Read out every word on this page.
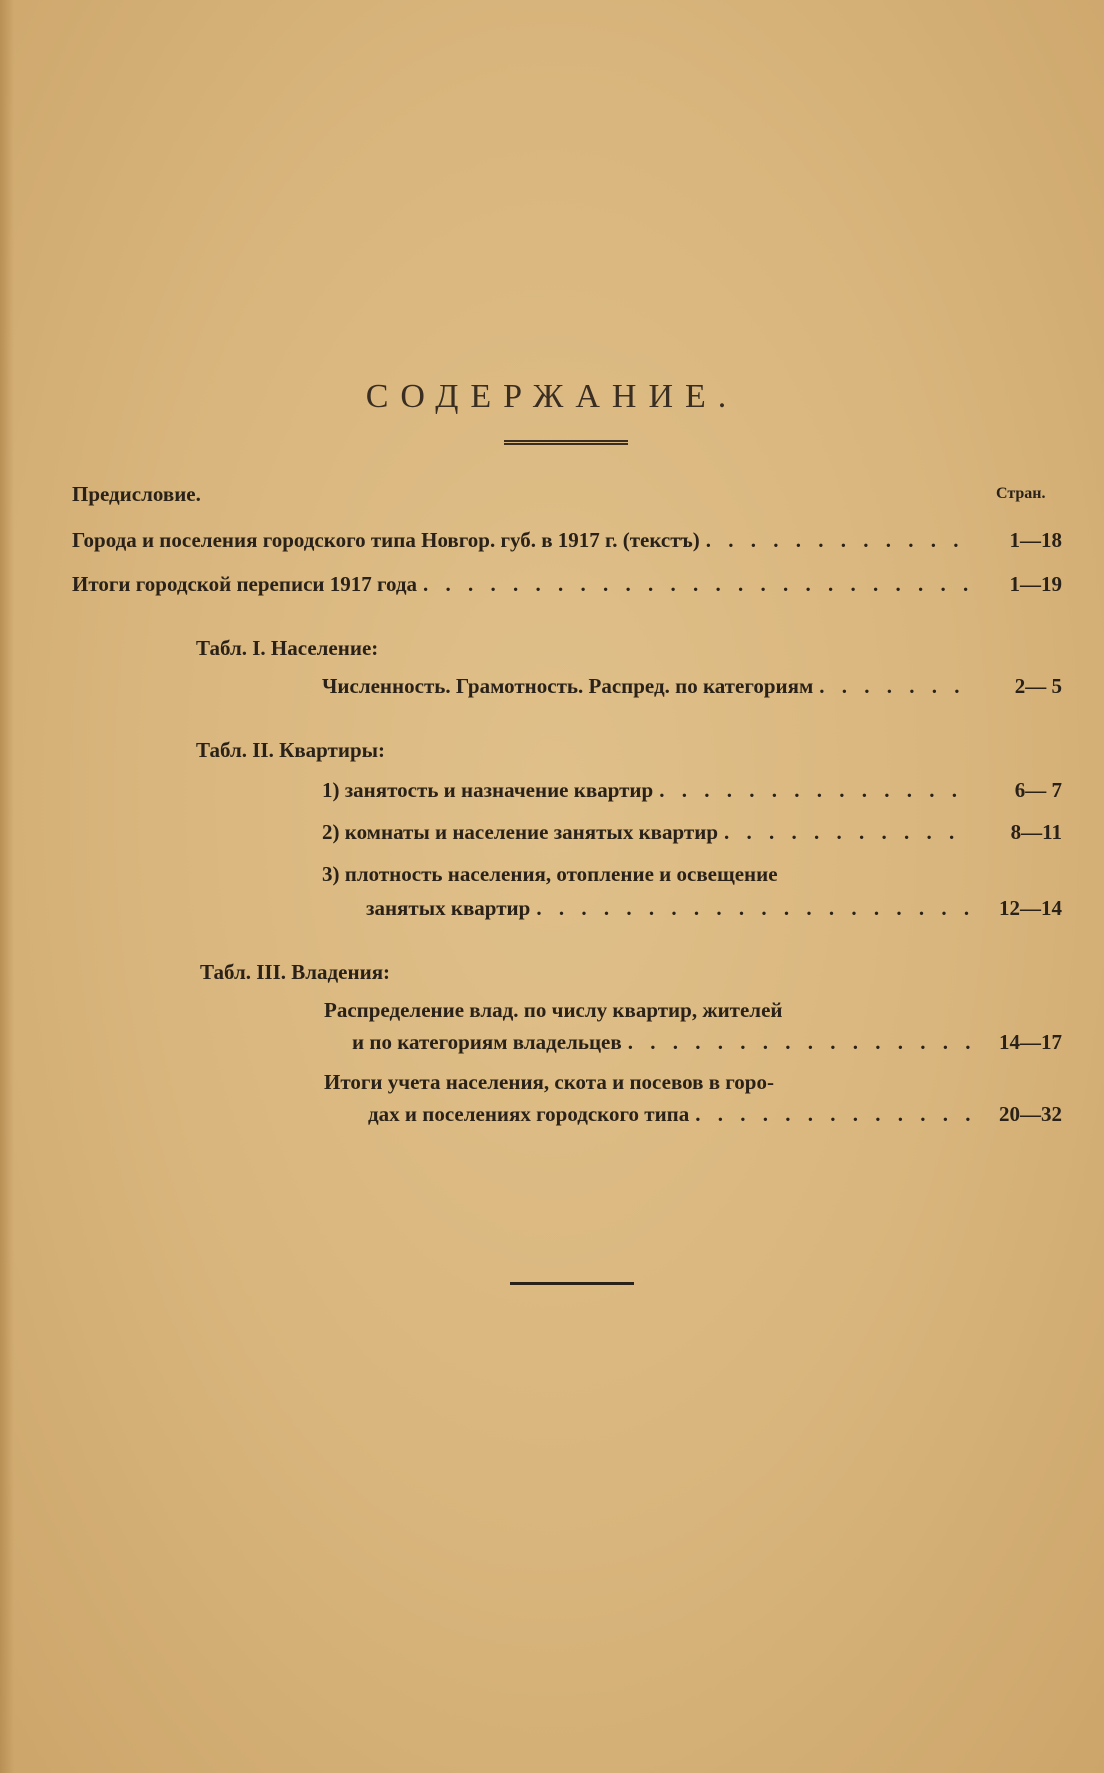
СОДЕРЖАНИЕ.
Предисловие.	Стран.
Города и поселения городского типа Новгор. губ. в 1917 г. (текстъ) . . .	1—18
Итоги городской переписи 1917 года . . .	1—19
Табл. I. Население:
Численность. Грамотность. Распред. по категориям . . .	2— 5
Табл. II. Квартиры:
1) занятость и назначение квартир . . .	6— 7
2) комнаты и население занятых квартир . . .	8—11
3) плотность населения, отопление и освещение
занятых квартир . . .	12—14
Табл. III. Владения:
Распределение влад. по числу квартир, жителей
и по категориям владельцев . . .	14—17
Итоги учета населения, скота и посевов в горо-
дах и поселениях городского типа . . .	20—32
